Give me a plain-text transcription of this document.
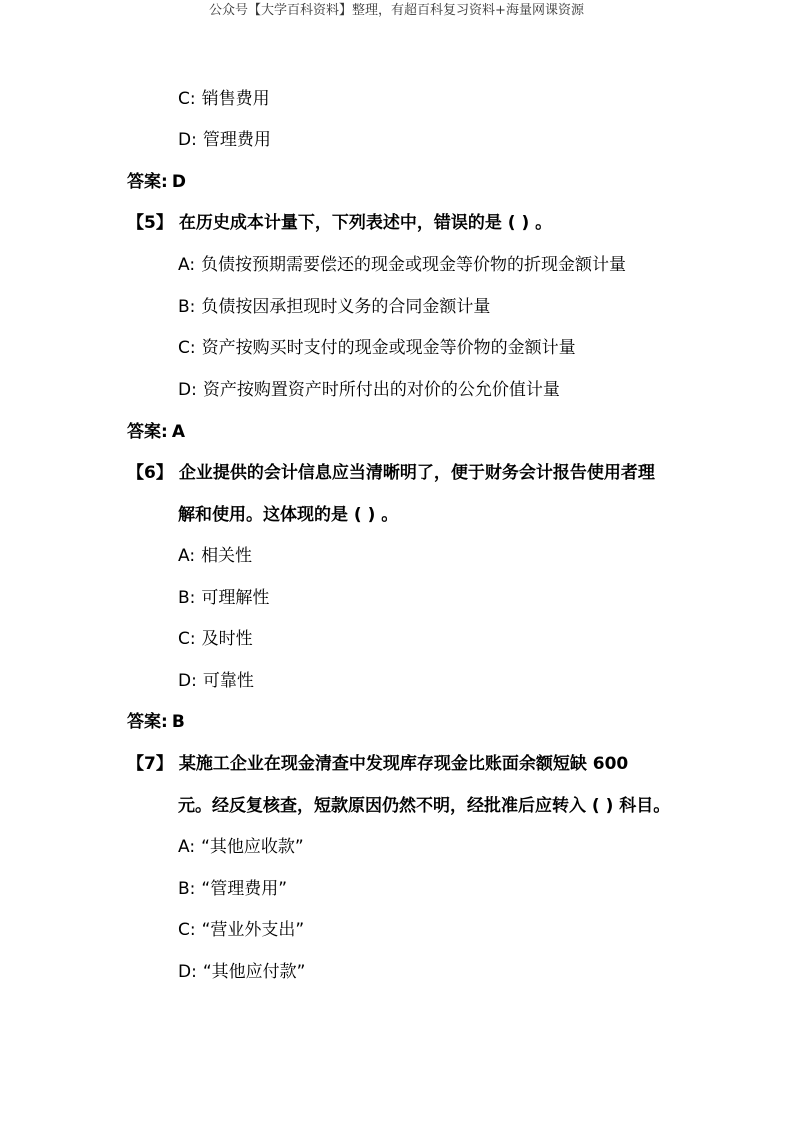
公众号【大学百科资料】整理，有超百科复习资料+海量网课资源
C: 销售费用
D: 管理费用
答案: D
【5】 在历史成本计量下，下列表述中，错误的是 ( ) 。
A: 负债按预期需要偿还的现金或现金等价物的折现金额计量
B: 负债按因承担现时义务的合同金额计量
C: 资产按购买时支付的现金或现金等价物的金额计量
D: 资产按购置资产时所付出的对价的公允价值计量
答案: A
【6】 企业提供的会计信息应当清晰明了，便于财务会计报告使用者理
解和使用。这体现的是 ( ) 。
A: 相关性
B: 可理解性
C: 及时性
D: 可靠性
答案: B
【7】 某施工企业在现金清查中发现库存现金比账面余额短缺 600
元。经反复核查，短款原因仍然不明，经批准后应转入 ( ) 科目。
A: “其他应收款”
B: “管理费用”
C: “营业外支出”
D: “其他应付款”
